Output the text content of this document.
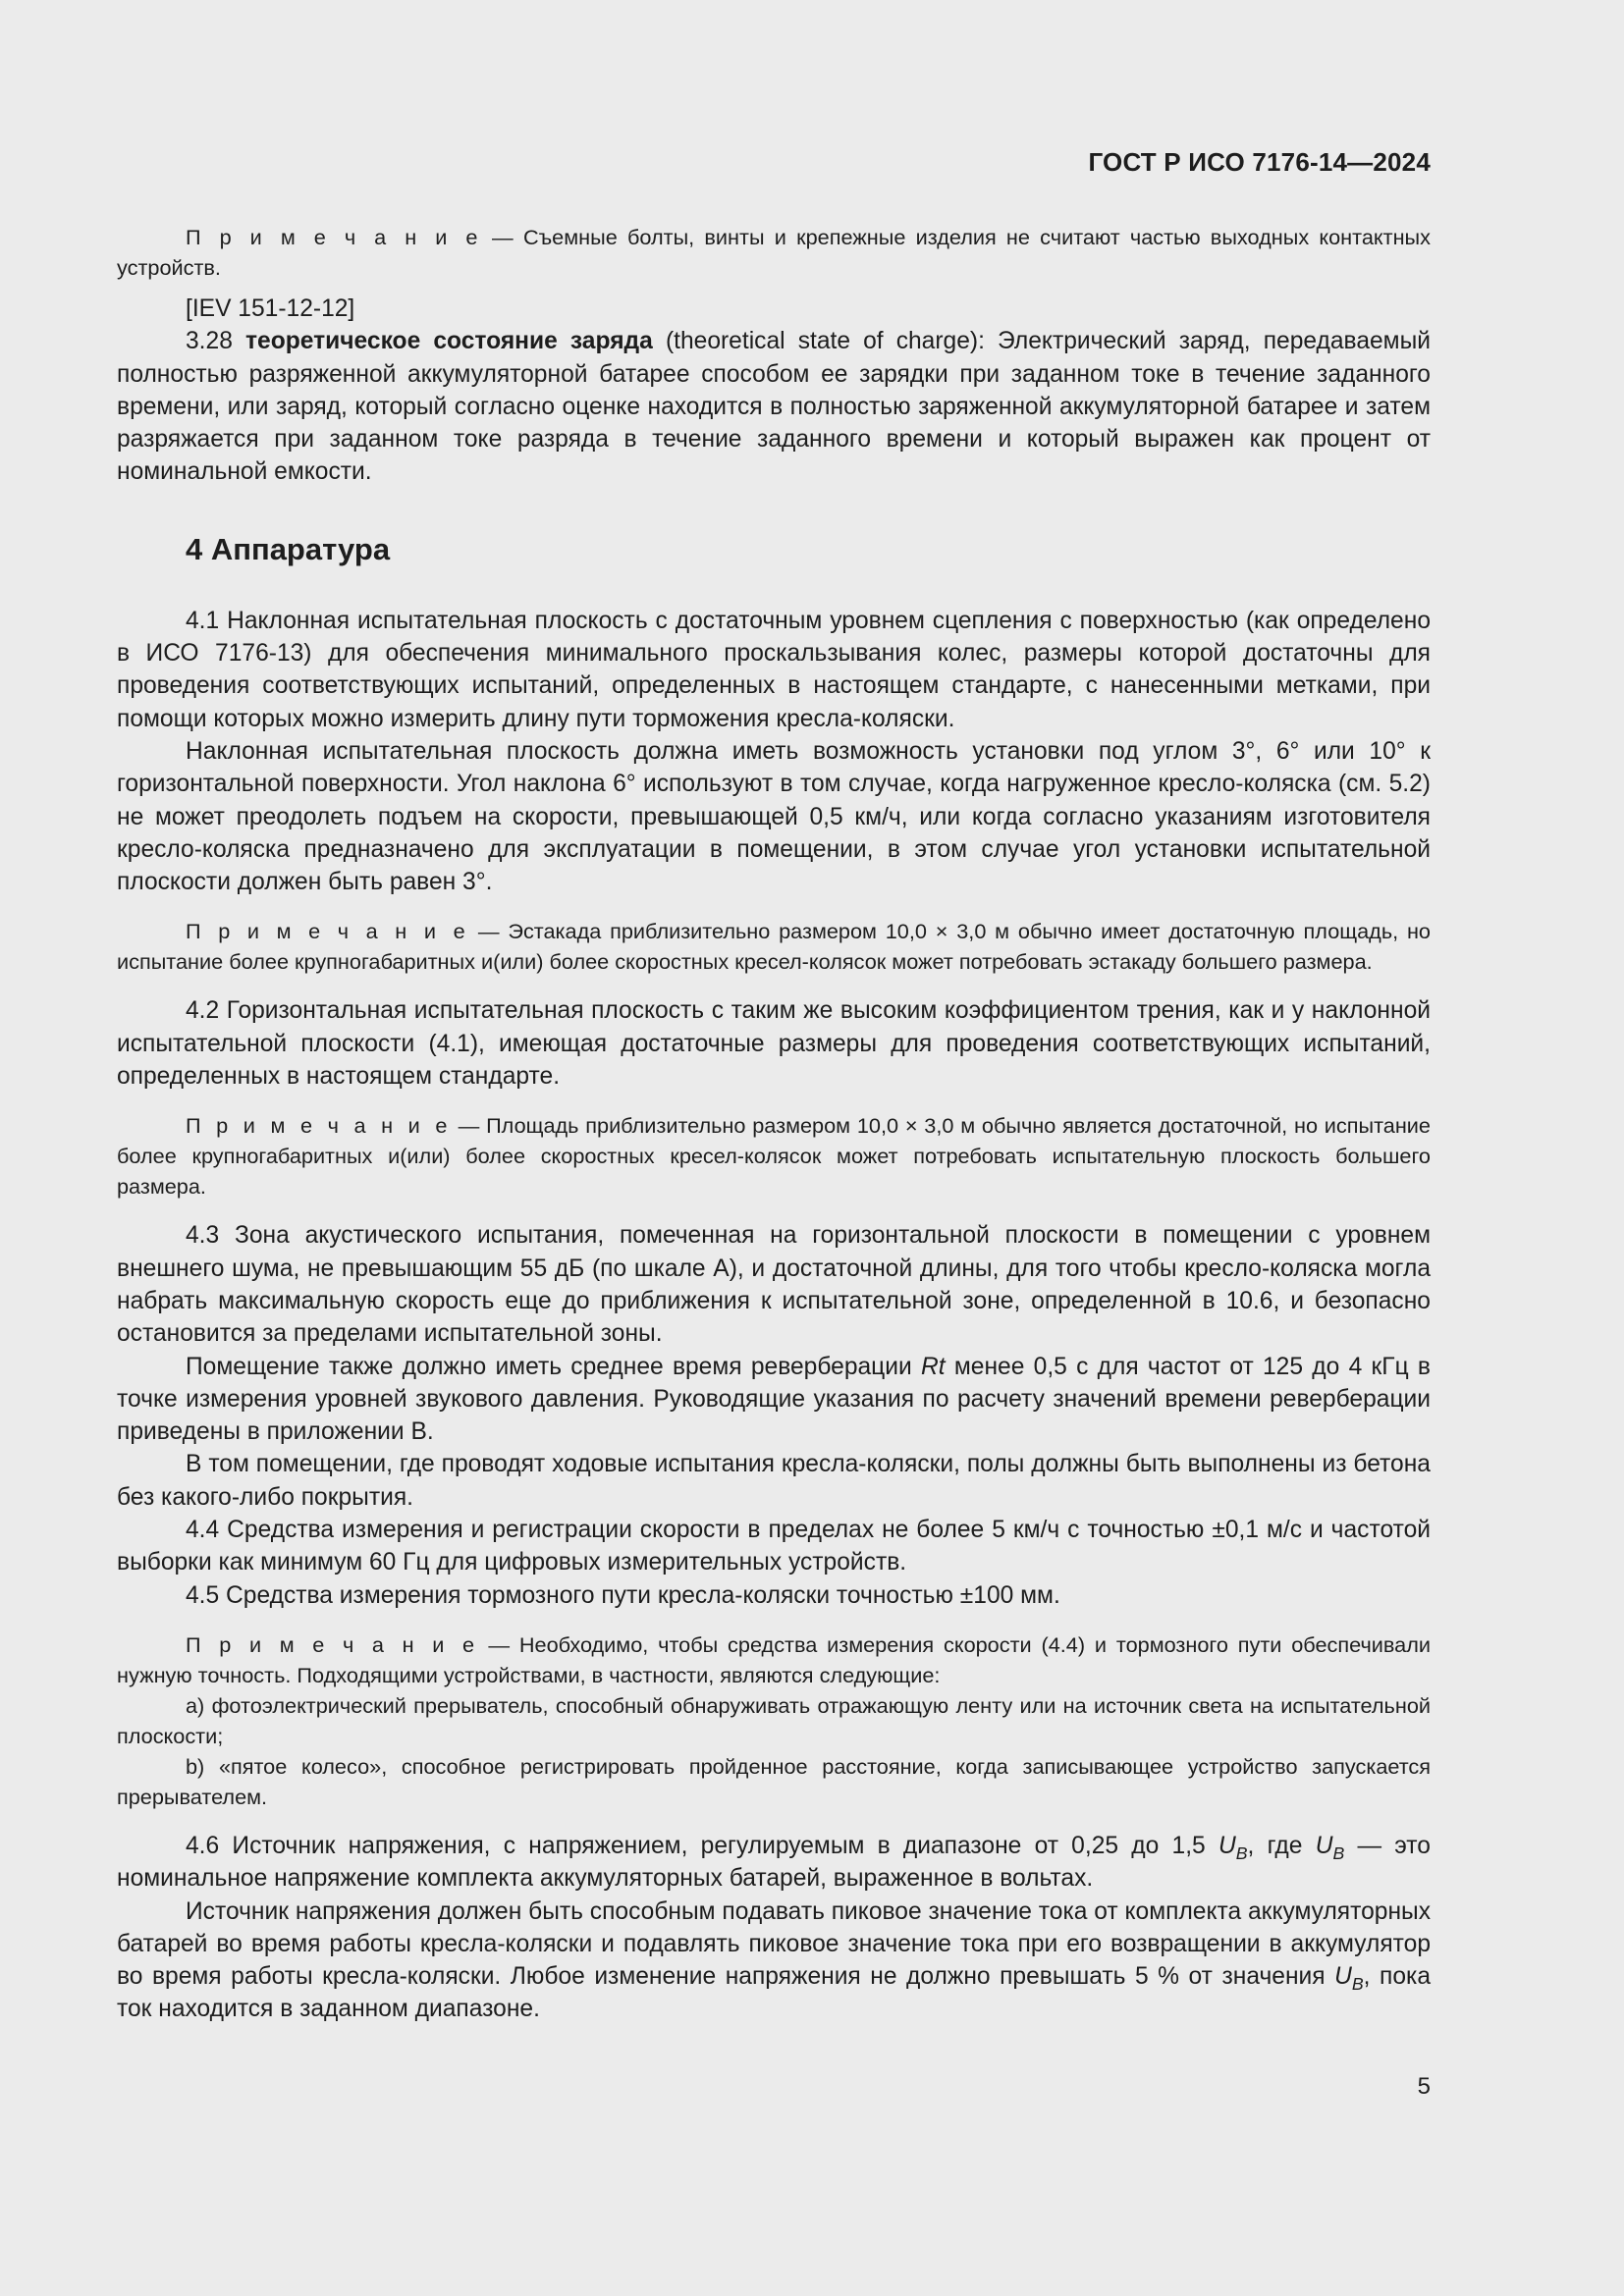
ГОСТ Р ИСО 7176-14—2024

П р и м е ч а н и е — Съемные болты, винты и крепежные изделия не считают частью выходных контактных устройств.

[IEV 151-12-12]

3.28 теоретическое состояние заряда (theoretical state of charge): Электрический заряд, передаваемый полностью разряженной аккумуляторной батарее способом ее зарядки при заданном токе в течение заданного времени, или заряд, который согласно оценке находится в полностью заряженной аккумуляторной батарее и затем разряжается при заданном токе разряда в течение заданного времени и который выражен как процент от номинальной емкости.

4 Аппаратура

4.1 Наклонная испытательная плоскость с достаточным уровнем сцепления с поверхностью (как определено в ИСО 7176-13) для обеспечения минимального проскальзывания колес, размеры которой достаточны для проведения соответствующих испытаний, определенных в настоящем стандарте, с нанесенными метками, при помощи которых можно измерить длину пути торможения кресла-коляски.

Наклонная испытательная плоскость должна иметь возможность установки под углом 3°, 6° или 10° к горизонтальной поверхности. Угол наклона 6° используют в том случае, когда нагруженное кресло-коляска (см. 5.2) не может преодолеть подъем на скорости, превышающей 0,5 км/ч, или когда согласно указаниям изготовителя кресло-коляска предназначено для эксплуатации в помещении, в этом случае угол установки испытательной плоскости должен быть равен 3°.

П р и м е ч а н и е — Эстакада приблизительно размером 10,0 × 3,0 м обычно имеет достаточную площадь, но испытание более крупногабаритных и(или) более скоростных кресел-колясок может потребовать эстакаду большего размера.

4.2 Горизонтальная испытательная плоскость с таким же высоким коэффициентом трения, как и у наклонной испытательной плоскости (4.1), имеющая достаточные размеры для проведения соответствующих испытаний, определенных в настоящем стандарте.

П р и м е ч а н и е — Площадь приблизительно размером 10,0 × 3,0 м обычно является достаточной, но испытание более крупногабаритных и(или) более скоростных кресел-колясок может потребовать испытательную плоскость большего размера.

4.3 Зона акустического испытания, помеченная на горизонтальной плоскости в помещении с уровнем внешнего шума, не превышающим 55 дБ (по шкале А), и достаточной длины, для того чтобы кресло-коляска могла набрать максимальную скорость еще до приближения к испытательной зоне, определенной в 10.6, и безопасно остановится за пределами испытательной зоны.

Помещение также должно иметь среднее время реверберации Rt менее 0,5 с для частот от 125 до 4 кГц в точке измерения уровней звукового давления. Руководящие указания по расчету значений времени реверберации приведены в приложении В.

В том помещении, где проводят ходовые испытания кресла-коляски, полы должны быть выполнены из бетона без какого-либо покрытия.

4.4 Средства измерения и регистрации скорости в пределах не более 5 км/ч с точностью ±0,1 м/с и частотой выборки как минимум 60 Гц для цифровых измерительных устройств.

4.5 Средства измерения тормозного пути кресла-коляски точностью ±100 мм.

П р и м е ч а н и е — Необходимо, чтобы средства измерения скорости (4.4) и тормозного пути обеспечивали нужную точность. Подходящими устройствами, в частности, являются следующие:

a) фотоэлектрический прерыватель, способный обнаруживать отражающую ленту или на источник света на испытательной плоскости;

b) «пятое колесо», способное регистрировать пройденное расстояние, когда записывающее устройство запускается прерывателем.

4.6 Источник напряжения, с напряжением, регулируемым в диапазоне от 0,25 до 1,5 $U_B$, где $U_B$ — это номинальное напряжение комплекта аккумуляторных батарей, выраженное в вольтах.

Источник напряжения должен быть способным подавать пиковое значение тока от комплекта аккумуляторных батарей во время работы кресла-коляски и подавлять пиковое значение тока при его возвращении в аккумулятор во время работы кресла-коляски. Любое изменение напряжения не должно превышать 5 % от значения $U_B$, пока ток находится в заданном диапазоне.

5
